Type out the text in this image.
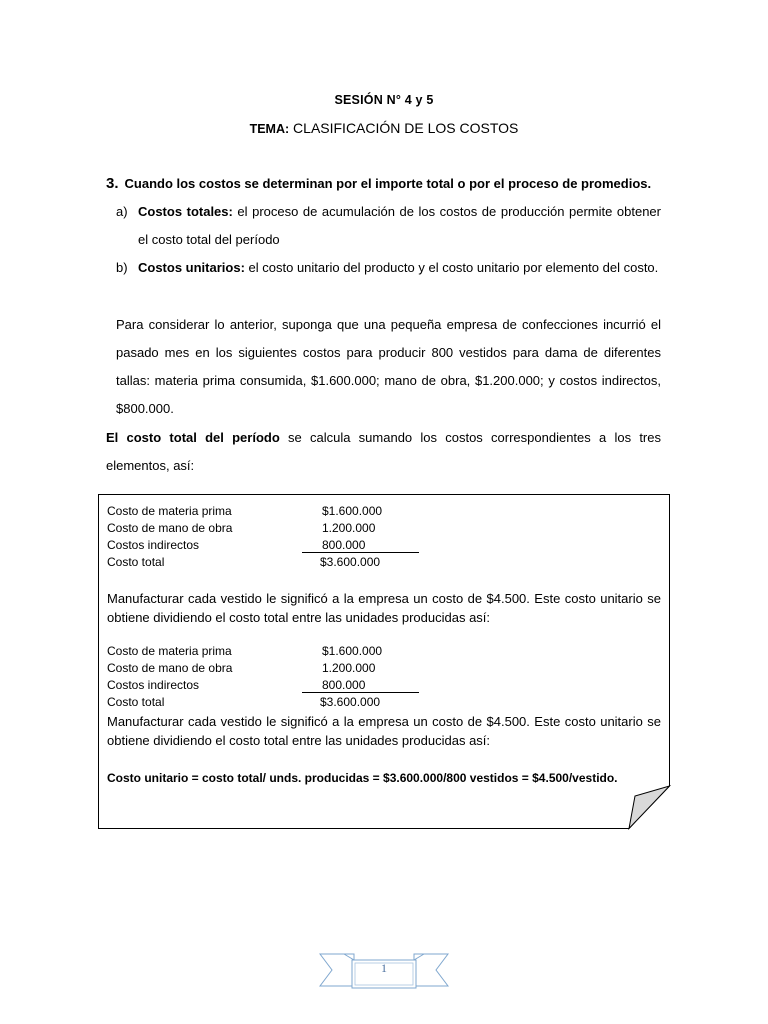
SESIÓN N° 4 y 5
TEMA: CLASIFICACIÓN DE LOS COSTOS
3. Cuando los costos se determinan por el importe total o por el proceso de promedios.
a) Costos totales: el proceso de acumulación de los costos de producción permite obtener el costo total del período
b) Costos unitarios: el costo unitario del producto y el costo unitario por elemento del costo.
Para considerar lo anterior, suponga que una pequeña empresa de confecciones incurrió el pasado mes en los siguientes costos para producir 800 vestidos para dama de diferentes tallas: materia prima consumida, $1.600.000; mano de obra, $1.200.000; y costos indirectos, $800.000.
El costo total del período se calcula sumando los costos correspondientes a los tres elementos, así:
Costo de materia prima	$1.600.000
Costo de mano de obra	1.200.000
Costos indirectos	800.000
Costo total	$3.600.000
Manufacturar cada vestido le significó a la empresa un costo de $4.500. Este costo unitario se obtiene dividiendo el costo total entre las unidades producidas así:
Costo de materia prima	$1.600.000
Costo de mano de obra	1.200.000
Costos indirectos	800.000
Costo total	$3.600.000
Manufacturar cada vestido le significó a la empresa un costo de $4.500. Este costo unitario se obtiene dividiendo el costo total entre las unidades producidas así:
Costo unitario = costo total/ unds. producidas = $3.600.000/800 vestidos = $4.500/vestido.
1
